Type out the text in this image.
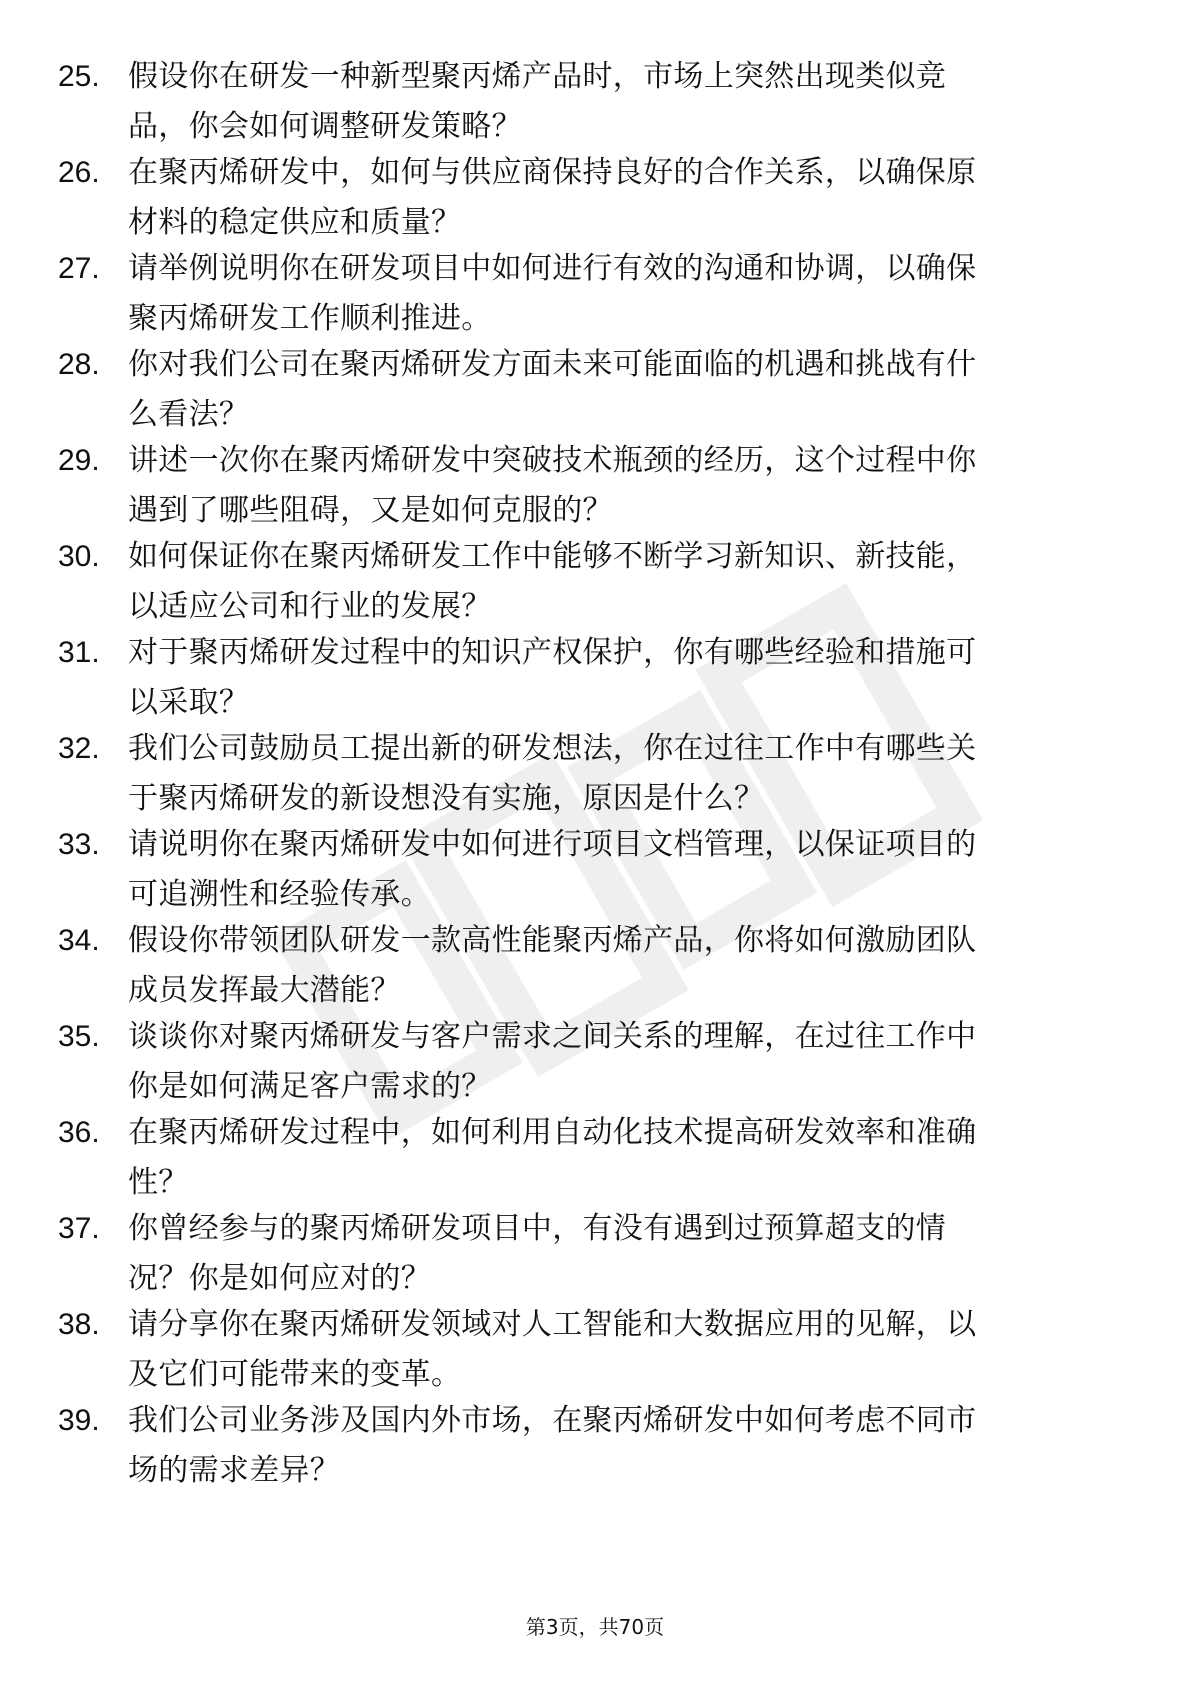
25. 假设你在研发一种新型聚丙烯产品时，市场上突然出现类似竞
品，你会如何调整研发策略？
26. 在聚丙烯研发中，如何与供应商保持良好的合作关系，以确保原
材料的稳定供应和质量？
27. 请举例说明你在研发项目中如何进行有效的沟通和协调，以确保
聚丙烯研发工作顺利推进。
28. 你对我们公司在聚丙烯研发方面未来可能面临的机遇和挑战有什
么看法？
29. 讲述一次你在聚丙烯研发中突破技术瓶颈的经历，这个过程中你
遇到了哪些阻碍，又是如何克服的？
30. 如何保证你在聚丙烯研发工作中能够不断学习新知识、新技能，
以适应公司和行业的发展？
31. 对于聚丙烯研发过程中的知识产权保护，你有哪些经验和措施可
以采取？
32. 我们公司鼓励员工提出新的研发想法，你在过往工作中有哪些关
于聚丙烯研发的新设想没有实施，原因是什么？
33. 请说明你在聚丙烯研发中如何进行项目文档管理，以保证项目的
可追溯性和经验传承。
34. 假设你带领团队研发一款高性能聚丙烯产品，你将如何激励团队
成员发挥最大潜能？
35. 谈谈你对聚丙烯研发与客户需求之间关系的理解，在过往工作中
你是如何满足客户需求的？
36. 在聚丙烯研发过程中，如何利用自动化技术提高研发效率和准确
性？
37. 你曾经参与的聚丙烯研发项目中，有没有遇到过预算超支的情
况？你是如何应对的？
38. 请分享你在聚丙烯研发领域对人工智能和大数据应用的见解，以
及它们可能带来的变革。
39. 我们公司业务涉及国内外市场，在聚丙烯研发中如何考虑不同市
场的需求差异？
第3页，共70页
